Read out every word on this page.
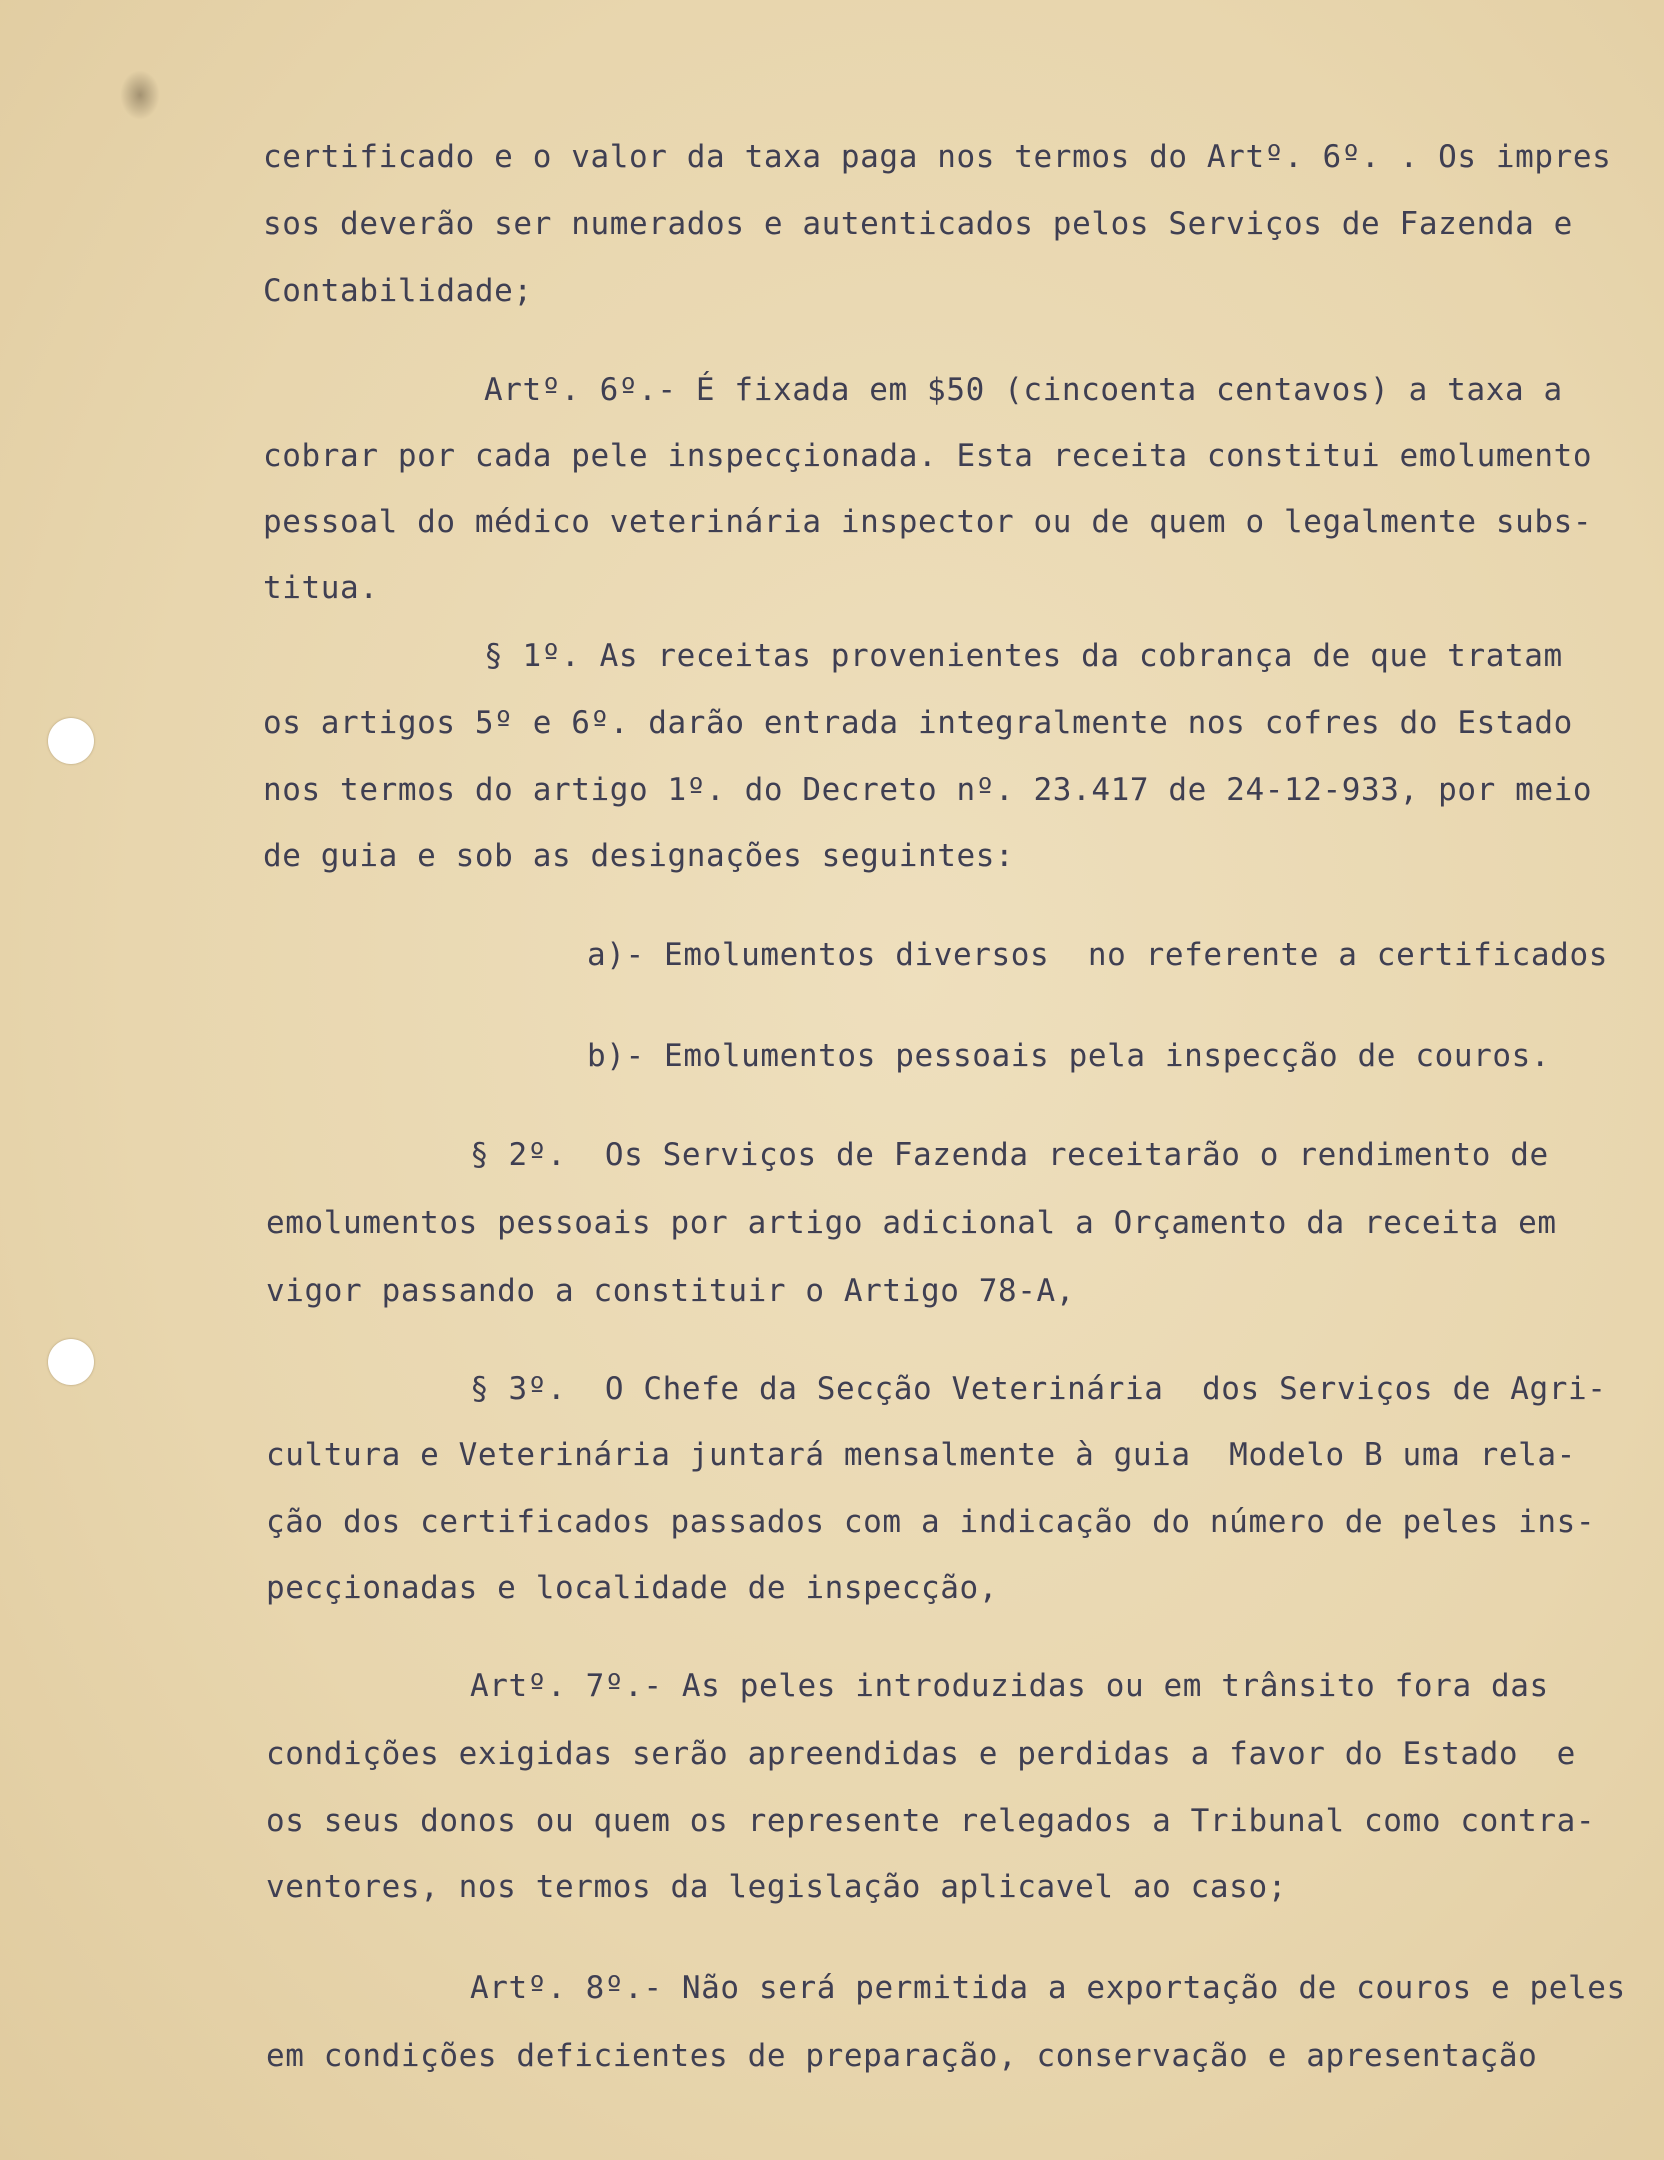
certificado e o valor da taxa paga nos termos do Artº. 6º. . Os impres

sos deverão ser numerados e autenticados pelos Serviços de Fazenda e

Contabilidade;

Artº. 6º.- É fixada em $50 (cincoenta centavos) a taxa a

cobrar por cada pele inspecçionada. Esta receita constitui emolumento

pessoal do médico veterinária inspector ou de quem o legalmente subs-

titua.

§ 1º. As receitas provenientes da cobrança de que tratam

os artigos 5º e 6º. darão entrada integralmente nos cofres do Estado

nos termos do artigo 1º. do Decreto nº. 23.417 de 24-12-933, por meio

de guia e sob as designações seguintes:

a)- Emolumentos diversos  no referente a certificados

b)- Emolumentos pessoais pela inspecção de couros.

§ 2º.  Os Serviços de Fazenda receitarão o rendimento de

emolumentos pessoais por artigo adicional a Orçamento da receita em

vigor passando a constituir o Artigo 78-A,

§ 3º.  O Chefe da Secção Veterinária  dos Serviços de Agri-

cultura e Veterinária juntará mensalmente à guia  Modelo B uma rela-

ção dos certificados passados com a indicação do número de peles ins-

pecçionadas e localidade de inspecção,

Artº. 7º.- As peles introduzidas ou em trânsito fora das

condições exigidas serão apreendidas e perdidas a favor do Estado  e

os seus donos ou quem os represente relegados a Tribunal como contra-

ventores, nos termos da legislação aplicavel ao caso;

Artº. 8º.- Não será permitida a exportação de couros e peles

em condições deficientes de preparação, conservação e apresentação
